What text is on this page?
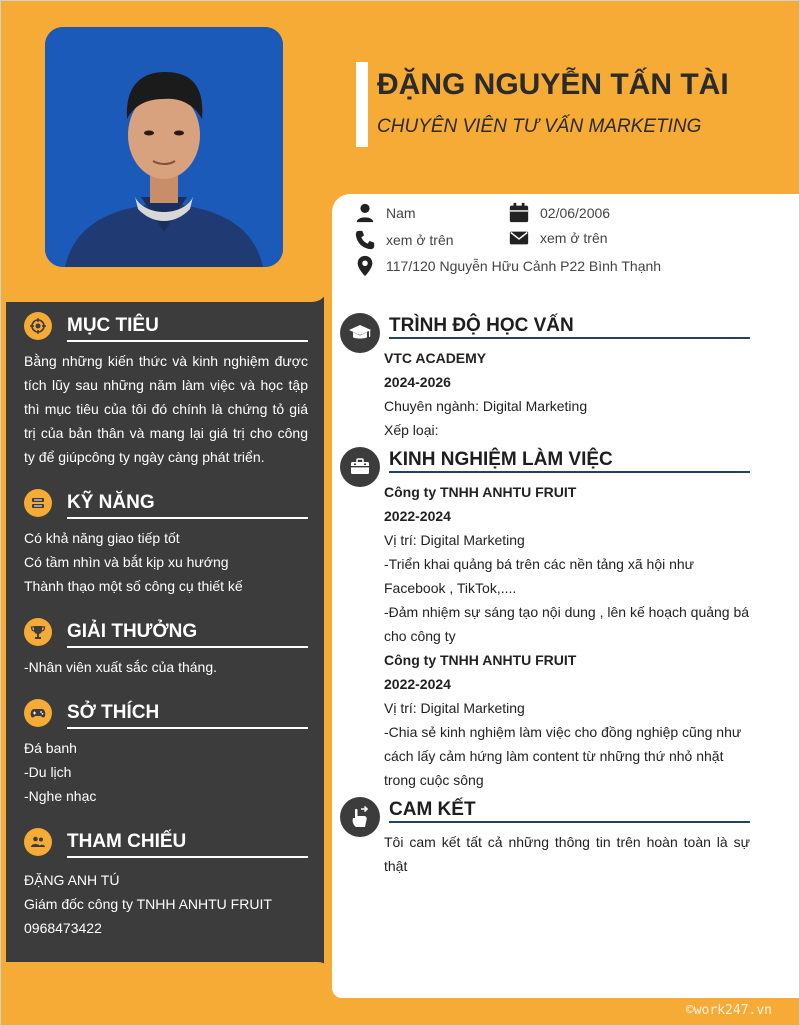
ĐẶNG NGUYỄN TẤN TÀI
CHUYÊN VIÊN TƯ VẤN MARKETING
Nam	02/06/2006
xem ở trên	xem ở trên
117/120 Nguyễn Hữu Cảnh P22 Bình Thạnh
MỤC TIÊU
Bằng những kiến thức và kinh nghiệm được tích lũy sau những năm làm việc và học tập thì mục tiêu của tôi đó chính là chứng tỏ giá trị của bản thân và mang lại giá trị cho công ty để giúpcông ty ngày càng phát triển.
KỸ NĂNG

Có khả năng giao tiếp tốt

Có tầm nhìn và bắt kịp xu hướng

Thành thạo một số công cụ thiết kế

GIẢI THƯỞNG

-Nhân viên xuất sắc của tháng.

SỞ THÍCH

Đá banh

-Du lịch

-Nghe nhạc

THAM CHIẾU

ĐẶNG ANH TÚ

Giám đốc công ty TNHH ANHTU FRUIT

0968473422

TRÌNH ĐỘ HỌC VẤN

VTC ACADEMY

2024-2026

Chuyên ngành: Digital Marketing

Xếp loại:

KINH NGHIỆM LÀM VIỆC

Công ty TNHH ANHTU FRUIT

2022-2024

Vị trí: Digital Marketing

-Triển khai quảng bá trên các nền tảng xã hội như Facebook , TikTok,....

-Đảm nhiệm sự sáng tạo nội dung , lên kế hoạch quảng bá cho công ty

Công ty TNHH ANHTU FRUIT

2022-2024

Vị trí: Digital Marketing

-Chia sẻ kinh nghiệm làm việc cho đồng nghiệp cũng như cách lấy cảm hứng làm content từ những thứ nhỏ nhặt trong cuộc sông

CAM KẾT
Tôi cam kết tất cả những thông tin trên hoàn toàn là sự thật
©work247.vn
